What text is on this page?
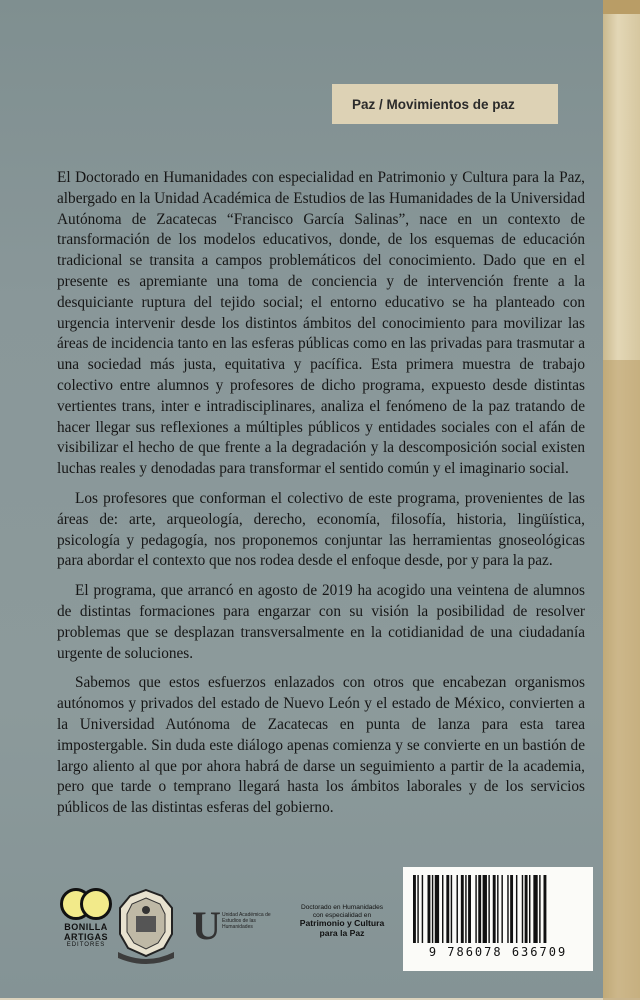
Paz / Movimientos de paz

El Doctorado en Humanidades con especialidad en Patrimonio y Cultura para la Paz, albergado en la Unidad Académica de Estudios de las Humanidades de la Universidad Autónoma de Zacatecas “Francisco García Salinas”, nace en un contexto de transformación de los modelos educativos, donde, de los esquemas de educación tradicional se transita a campos problemáticos del conocimiento. Dado que en el presente es apremiante una toma de conciencia y de intervención frente a la desquiciante ruptura del tejido social; el entorno educativo se ha planteado con urgencia intervenir desde los distintos ámbitos del conocimiento para movilizar las áreas de incidencia tanto en las esferas públicas como en las privadas para trasmutar a una sociedad más justa, equitativa y pacífica. Esta primera muestra de trabajo colectivo entre alumnos y profesores de dicho programa, expuesto desde distintas vertientes trans, inter e intradisciplinares, analiza el fenómeno de la paz tratando de hacer llegar sus reflexiones a múltiples públicos y entidades sociales con el afán de visibilizar el hecho de que frente a la degradación y la descomposición social existen luchas reales y denodadas para transformar el sentido común y el imaginario social.

Los profesores que conforman el colectivo de este programa, provenientes de las áreas de: arte, arqueología, derecho, economía, filosofía, historia, lingüística, psicología y pedagogía, nos proponemos conjuntar las herramientas gnoseológicas para abordar el contexto que nos rodea desde el enfoque desde, por y para la paz.

El programa, que arrancó en agosto de 2019 ha acogido una veintena de alumnos de distintas formaciones para engarzar con su visión la posibilidad de resolver problemas que se desplazan transversalmente en la cotidianidad de una ciudadanía urgente de soluciones.

Sabemos que estos esfuerzos enlazados con otros que encabezan organismos autónomos y privados del estado de Nuevo León y el estado de México, convierten a la Universidad Autónoma de Zacatecas en punta de lanza para esta tarea impostergable. Sin duda este diálogo apenas comienza y se convierte en un bastión de largo aliento al que por ahora habrá de darse un seguimiento a partir de la academia, pero que tarde o temprano llegará hasta los ámbitos laborales y de los servicios públicos de las distintas esferas del gobierno.

BONILLA
ARTIGAS
EDITORES	U Unidad Académica de Estudios de las Humanidades
Doctorado en Humanidades
con especialidad en
Patrimonio y Cultura
para la Paz
9 786078 636709
